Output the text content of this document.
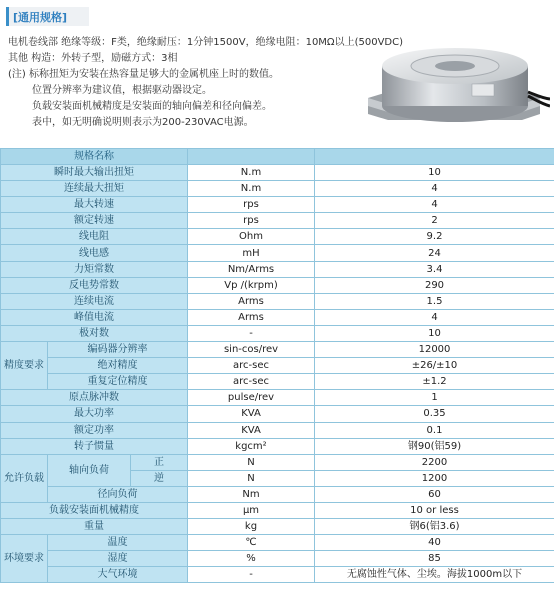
[通用规格]
电机卷线部 绝缘等级：F类，绝缘耐压：1分钟1500V，绝缘电阻：10MΩ以上(500VDC)
其他 构造：外转子型，励磁方式：3相
(注) 标称扭矩为安装在热容量足够大的金属机座上时的数值。
位置分辨率为建议值，根据驱动器设定。
负载安装面机械精度是安装面的轴向偏差和径向偏差。
表中，如无明确说明则表示为200-230VAC电源。
规格名称				
瞬时最大输出扭矩			N.m	10
连续最大扭矩			N.m	4
最大转速			rps	4
额定转速			rps	2
线电阻			Ohm	9.2
线电感			mH	24
力矩常数			Nm/Arms	3.4
反电势常数			Vp /(krpm)	290
连续电流			Arms	1.5
峰值电流			Arms	4
极对数			-	10
精度要求	编码器分辨率		sin-cos/rev	12000
	绝对精度		arc-sec	±26/±10
	重复定位精度		arc-sec	±1.2
原点脉冲数			pulse/rev	1
最大功率			KVA	0.35
额定功率			KVA	0.1
转子惯量			kgcm²	钢90(铝59)
允许负载	轴向负荷	正	N	2200
		逆	N	1200
	径向负荷		Nm	60
负载安装面机械精度			μm	10 or less
重量			kg	钢6(铝3.6)
环境要求	温度		℃	40
	湿度		%	85
	大气环境		-	无腐蚀性气体、尘埃。海拔1000m以下
